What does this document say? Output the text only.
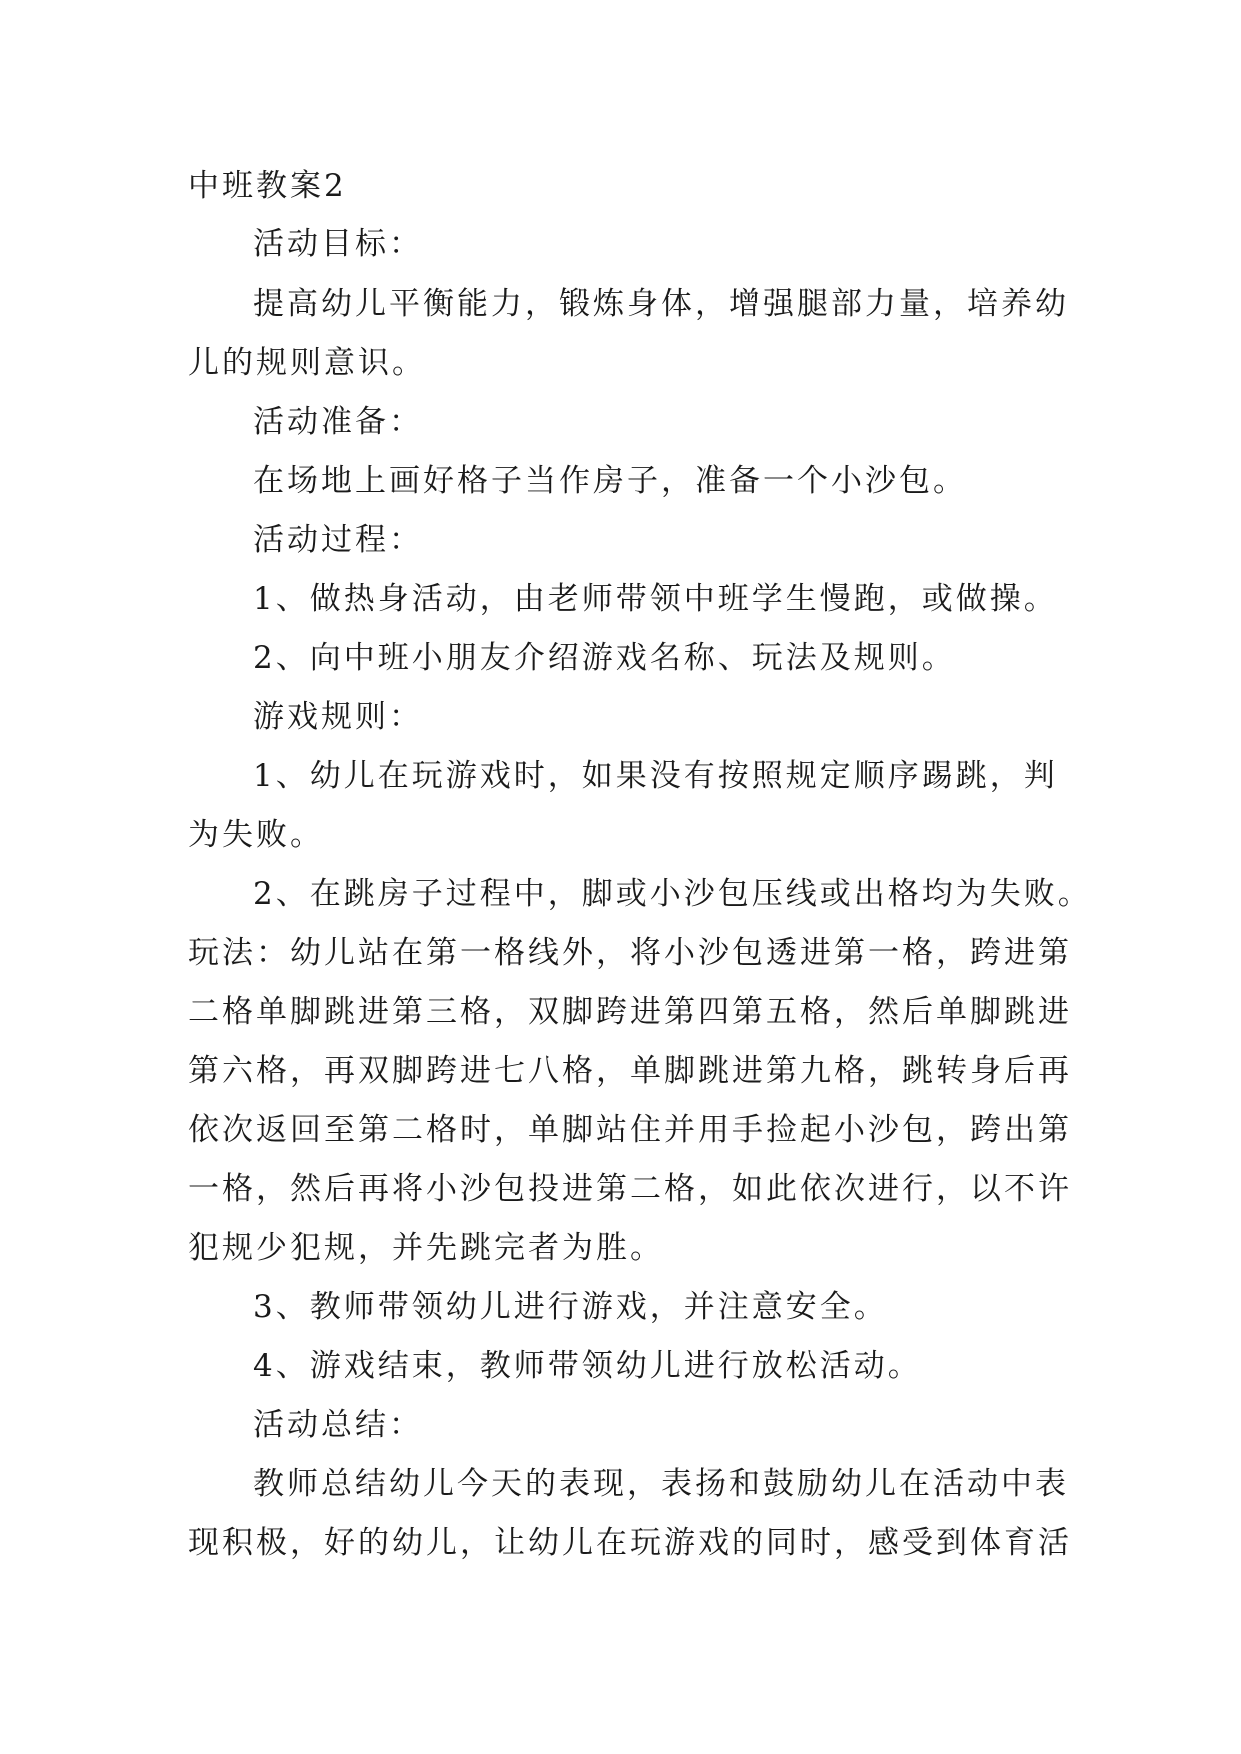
中班教案2
活动目标：
提高幼儿平衡能力，锻炼身体，增强腿部力量，培养幼
儿的规则意识。
活动准备：
在场地上画好格子当作房子，准备一个小沙包。
活动过程：
1、做热身活动，由老师带领中班学生慢跑，或做操。
2、向中班小朋友介绍游戏名称、玩法及规则。
游戏规则：
1、幼儿在玩游戏时，如果没有按照规定顺序踢跳，判
为失败。
2、在跳房子过程中，脚或小沙包压线或出格均为失败。
玩法：幼儿站在第一格线外，将小沙包透进第一格，跨进第
二格单脚跳进第三格，双脚跨进第四第五格，然后单脚跳进
第六格，再双脚跨进七八格，单脚跳进第九格，跳转身后再
依次返回至第二格时，单脚站住并用手捡起小沙包，跨出第
一格，然后再将小沙包投进第二格，如此依次进行，以不许
犯规少犯规，并先跳完者为胜。
3、教师带领幼儿进行游戏，并注意安全。
4、游戏结束，教师带领幼儿进行放松活动。
活动总结：
教师总结幼儿今天的表现，表扬和鼓励幼儿在活动中表
现积极，好的幼儿，让幼儿在玩游戏的同时，感受到体育活
